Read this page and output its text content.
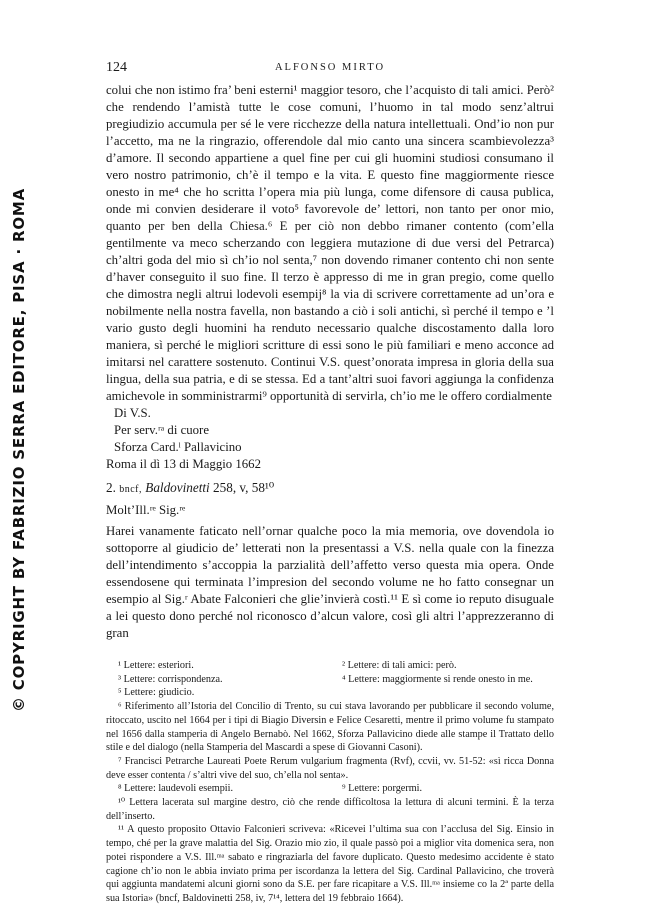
© COPYRIGHT BY FABRIZIO SERRA EDITORE, PISA · ROMA
124	ALFONSO MIRTO

colui che non istimo fra’ beni esterni¹ maggior tesoro, che l’acquisto di tali amici. Però² che rendendo l’amistà tutte le cose comuni, l’huomo in tal modo senz’altrui pregiudizio accumula per sé le vere ricchezze della natura intellettuali. Ond’io non pur l’accetto, ma ne la ringrazio, offerendole dal mio canto una sincera scambievolezza³ d’amore. Il secondo appartiene a quel fine per cui gli huomini studiosi consumano il vero nostro patrimonio, ch’è il tempo e la vita. E questo fine maggiormente riesce onesto in me⁴ che ho scritta l’opera mia più lunga, come difensore di causa publica, onde mi convien desiderare il voto⁵ favorevole de’ lettori, non tanto per onor mio, quanto per ben della Chiesa.⁶ E per ciò non debbo rimaner contento (com’ella gentilmente va meco scherzando con leggiera mutazione di due versi del Petrarca) ch’altri goda del mio sì ch’io nol senta,⁷ non dovendo rimaner contento chi non sente d’haver conseguito il suo fine. Il terzo è appresso di me in gran pregio, come quello che dimostra negli altrui lodevoli esempij⁸ la via di scrivere correttamente ad un’ora e nobilmente nella nostra favella, non bastando a ciò i soli antichi, sì perché il tempo e ’l vario gusto degli huomini ha renduto necessario qualche discostamento dalla loro maniera, sì perché le migliori scritture di essi sono le più familiari e meno acconce ad imitarsi nel carattere sostenuto. Continui V.S. quest’onorata impresa in gloria della sua lingua, della sua patria, e di se stessa. Ed a tant’altri suoi favori aggiunga la confidenza amichevole in somministrarmi⁹ opportunità di servirla, ch’io me le offero cordialmente

Di V.S.

Per serv.ʳᵃ di cuore

Sforza Card.ˡ Pallavicino

Roma il dì 13 di Maggio 1662

2. bncf, Baldovinetti 258, v, 58¹⁰

Molt’Ill.ʳᵉ Sig.ʳᵉ

Harei vanamente faticato nell’ornar qualche poco la mia memoria, ove dovendola io sottoporre al giudicio de’ letterati non la presentassi a V.S. nella quale con la finezza dell’intendimento s’accoppia la parzialità dell’affetto verso questa mia opera. Onde essendosene qui terminata l’impresion del secondo volume ne ho fatto consegnar un esempio al Sig.ʳ Abate Falconieri che glie’invierà costì.¹¹ E sì come io reputo disuguale a lei questo dono perché nol riconosco d’alcun valore, così gli altri l’apprezzeranno di gran

¹ Lettere: esteriori.	² Lettere: di tali amici: però.
³ Lettere: corrispondenza.	⁴ Lettere: maggiormente si rende onesto in me.
⁵ Lettere: giudicio.

⁶ Riferimento all’Istoria del Concilio di Trento, su cui stava lavorando per pubblicare il secondo volume, ritoccato, uscito nel 1664 per i tipi di Biagio Diversin e Felice Cesaretti, mentre il primo volume fu stampato nel 1656 dalla stamperia di Angelo Bernabò. Nel 1662, Sforza Pallavicino diede alle stampe il Trattato dello stile e del dialogo (nella Stamperia del Mascardi a spese di Giovanni Casoni).

⁷ Francisci Petrarche Laureati Poete Rerum vulgarium fragmenta (Rvf), ccvii, vv. 51-52: «sì ricca Donna deve esser contenta / s’altri vive del suo, ch’ella nol senta».

⁸ Lettere: laudevoli esempii.	⁹ Lettere: porgermi.

¹⁰ Lettera lacerata sul margine destro, ciò che rende difficoltosa la lettura di alcuni termini. È la terza dell’inserto.

¹¹ A questo proposito Ottavio Falconieri scriveva: «Ricevei l’ultima sua con l’acclusa del Sig. Einsio in tempo, ché per la grave malattia del Sig. Orazio mio zio, il quale passò poi a miglior vita domenica sera, non potei rispondere a V.S. Ill.ᵐᵃ sabato e ringraziarla del favore duplicato. Questo medesimo accidente è stato cagione ch’io non le abbia inviato prima per iscordanza la lettera del Sig. Cardinal Pallavicino, che troverà qui aggiunta mandatemi alcuni giorni sono da S.E. per fare ricapitare a V.S. Ill.ᵐᵃ insieme co la 2ª parte della sua Istoria» (bncf, Baldovinetti 258, iv, 7¹⁴, lettera del 19 febbraio 1664).
